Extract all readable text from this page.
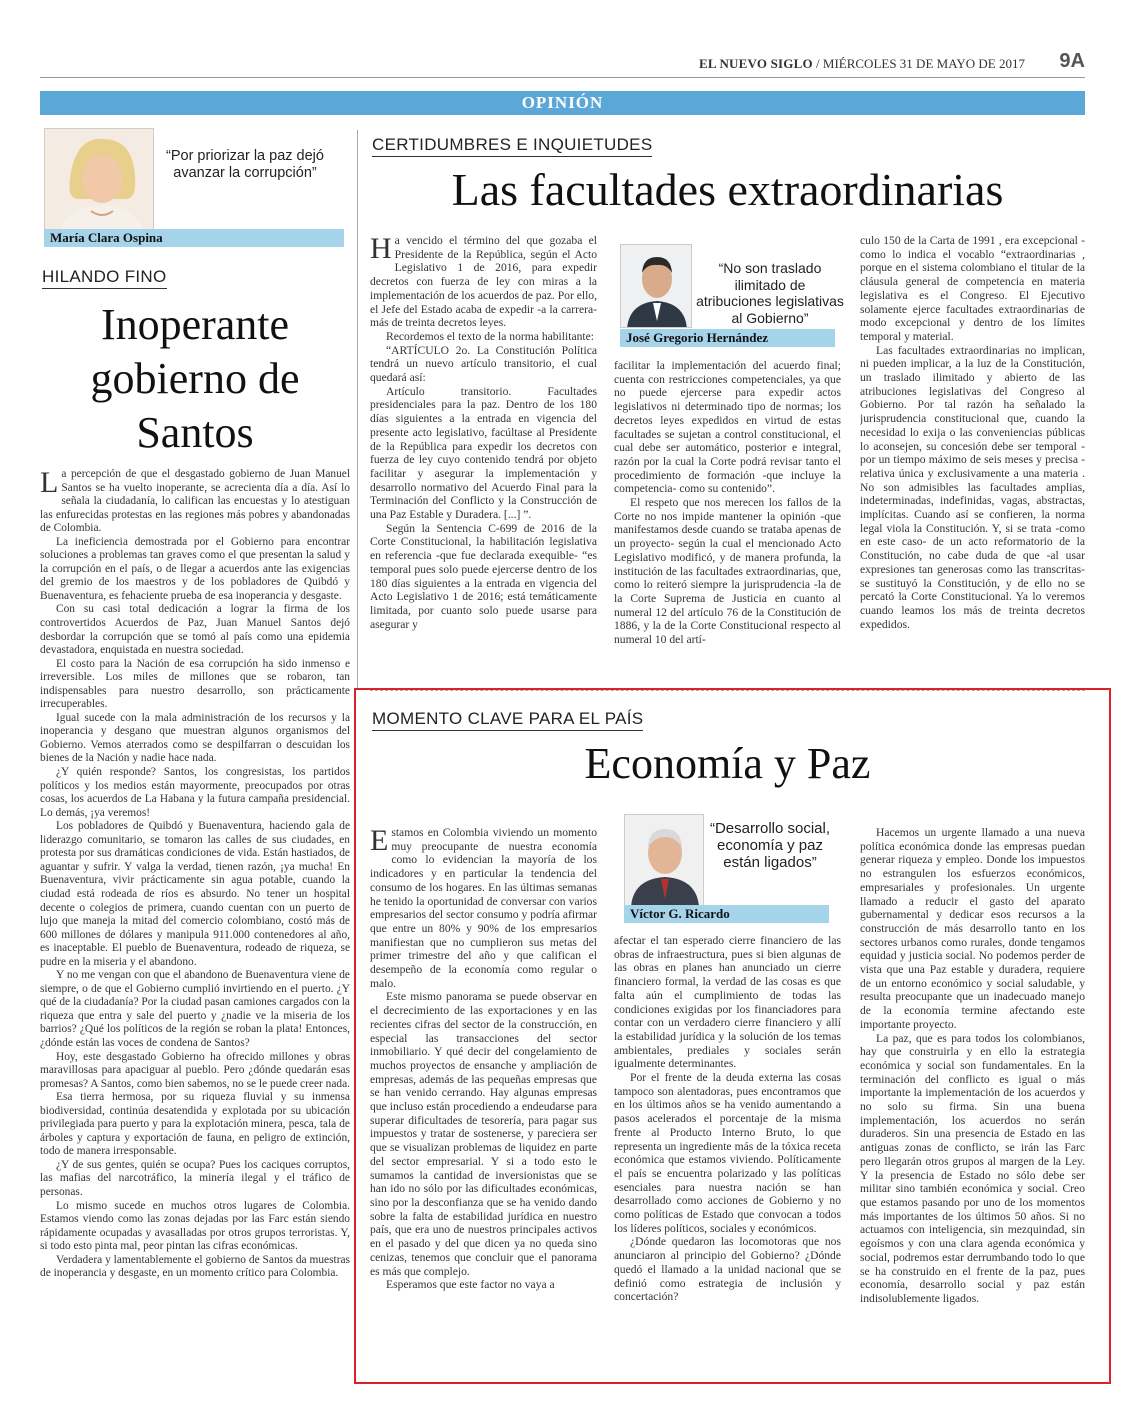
EL NUEVO SIGLO / MIÉRCOLES 31 DE MAYO DE 2017 9A
OPINIÓN
“Por priorizar la paz dejó avanzar la corrupción”
María Clara Ospina
HILANDO FINO
Inoperante
gobierno de
Santos

La percepción de que el desgastado gobierno de Juan Manuel Santos se ha vuelto inoperante, se acrecienta día a día. Así lo señala la ciudadanía, lo califican las encuestas y lo atestiguan las enfurecidas protestas en las regiones más pobres y abandonadas de Colombia.

La ineficiencia demostrada por el Gobierno para encontrar soluciones a problemas tan graves como el que presentan la salud y la corrupción en el país, o de llegar a acuerdos ante las exigencias del gremio de los maestros y de los pobladores de Quibdó y Buenaventura, es fehaciente prueba de esa inoperancia y desgaste.

Con su casi total dedicación a lograr la firma de los controvertidos Acuerdos de Paz, Juan Manuel Santos dejó desbordar la corrupción que se tomó al país como una epidemia devastadora, enquistada en nuestra sociedad.

El costo para la Nación de esa corrupción ha sido inmenso e irreversible. Los miles de millones que se robaron, tan indispensables para nuestro desarrollo, son prácticamente irrecuperables.

Igual sucede con la mala administración de los recursos y la inoperancia y desgano que muestran algunos organismos del Gobierno. Vemos aterrados como se despilfarran o descuidan los bienes de la Nación y nadie hace nada.

¿Y quién responde? Santos, los congresistas, los partidos políticos y los medios están mayormente, preocupados por otras cosas, los acuerdos de La Habana y la futura campaña presidencial. Lo demás, ¡ya veremos!

Los pobladores de Quibdó y Buenaventura, haciendo gala de liderazgo comunitario, se tomaron las calles de sus ciudades, en protesta por sus dramáticas condiciones de vida. Están hastiados, de aguantar y sufrir. Y valga la verdad, tienen razón, ¡ya mucha! En Buenaventura, vivir prácticamente sin agua potable, cuando la ciudad está rodeada de ríos es absurdo. No tener un hospital decente o colegios de primera, cuando cuentan con un puerto de lujo que maneja la mitad del comercio colombiano, costó más de 600 millones de dólares y manipula 911.000 contenedores al año, es inaceptable. El pueblo de Buenaventura, rodeado de riqueza, se pudre en la miseria y el abandono.

Y no me vengan con que el abandono de Buenaventura viene de siempre, o de que el Gobierno cumplió invirtiendo en el puerto. ¿Y qué de la ciudadanía? Por la ciudad pasan camiones cargados con la riqueza que entra y sale del puerto y ¿nadie ve la miseria de los barrios? ¿Qué los políticos de la región se roban la plata! Entonces, ¿dónde están las voces de condena de Santos?

Hoy, este desgastado Gobierno ha ofrecido millones y obras maravillosas para apaciguar al pueblo. Pero ¿dónde quedarán esas promesas? A Santos, como bien sabemos, no se le puede creer nada.

Esa tierra hermosa, por su riqueza fluvial y su inmensa biodiversidad, continúa desatendida y explotada por su ubicación privilegiada para puerto y para la explotación minera, pesca, tala de árboles y captura y exportación de fauna, en peligro de extinción, todo de manera irresponsable.

¿Y de sus gentes, quién se ocupa? Pues los caciques corruptos, las mafias del narcotráfico, la minería ilegal y el tráfico de personas.

Lo mismo sucede en muchos otros lugares de Colombia. Estamos viendo como las zonas dejadas por las Farc están siendo rápidamente ocupadas y avasalladas por otros grupos terroristas. Y, si todo esto pinta mal, peor pintan las cifras económicas.

Verdadera y lamentablemente el gobierno de Santos da muestras de inoperancia y desgaste, en un momento crítico para Colombia.

CERTIDUMBRES E INQUIETUDES
Las facultades extraordinarias

Ha vencido el término del que gozaba el Presidente de la República, según el Acto Legislativo 1 de 2016, para expedir decretos con fuerza de ley con miras a la implementación de los acuerdos de paz. Por ello, el Jefe del Estado acaba de expedir -a la carrera- más de treinta decretos leyes.

Recordemos el texto de la norma habilitante:

“ARTÍCULO 2o. La Constitución Política tendrá un nuevo artículo transitorio, el cual quedará así:

Artículo transitorio. Facultades presidenciales para la paz. Dentro de los 180 días siguientes a la entrada en vigencia del presente acto legislativo, facúltase al Presidente de la República para expedir los decretos con fuerza de ley cuyo contenido tendrá por objeto facilitar y asegurar la implementación y desarrollo normativo del Acuerdo Final para la Terminación del Conflicto y la Construcción de una Paz Estable y Duradera. [...] ”.

Según la Sentencia C-699 de 2016 de la Corte Constitucional, la habilitación legislativa en referencia -que fue declarada exequible- “es temporal pues solo puede ejercerse dentro de los 180 días siguientes a la entrada en vigencia del Acto Legislativo 1 de 2016; está temáticamente limitada, por cuanto solo puede usarse para asegurar y

“No son traslado ilimitado de atribuciones legislativas al Gobierno”
José Gregorio Hernández

facilitar la implementación del acuerdo final; cuenta con restricciones competenciales, ya que no puede ejercerse para expedir actos legislativos ni determinado tipo de normas; los decretos leyes expedidos en virtud de estas facultades se sujetan a control constitucional, el cual debe ser automático, posterior e integral, razón por la cual la Corte podrá revisar tanto el procedimiento de formación -que incluye la competencia- como su contenido”.

El respeto que nos merecen los fallos de la Corte no nos impide mantener la opinión -que manifestamos desde cuando se trataba apenas de un proyecto- según la cual el mencionado Acto Legislativo modificó, y de manera profunda, la institución de las facultades extraordinarias, que, como lo reiteró siempre la jurisprudencia -la de la Corte Suprema de Justicia en cuanto al numeral 12 del artículo 76 de la Constitución de 1886, y la de la Corte Constitucional respecto al numeral 10 del artí-

culo 150 de la Carta de 1991 , era excepcional -como lo indica el vocablo “extraordinarias , porque en el sistema colombiano el titular de la cláusula general de competencia en materia legislativa es el Congreso. El Ejecutivo solamente ejerce facultades extraordinarias de modo excepcional y dentro de los límites temporal y material.

Las facultades extraordinarias no implican, ni pueden implicar, a la luz de la Constitución, un traslado ilimitado y abierto de las atribuciones legislativas del Congreso al Gobierno. Por tal razón ha señalado la jurisprudencia constitucional que, cuando la necesidad lo exija o las conveniencias públicas lo aconsejen, su concesión debe ser temporal -por un tiempo máximo de seis meses y precisa -relativa única y exclusivamente a una materia . No son admisibles las facultades amplias, indeterminadas, indefinidas, vagas, abstractas, implícitas. Cuando así se confieren, la norma legal viola la Constitución. Y, si se trata -como en este caso- de un acto reformatorio de la Constitución, no cabe duda de que -al usar expresiones tan generosas como las transcritas- se sustituyó la Constitución, y de ello no se percató la Corte Constitucional. Ya lo veremos cuando leamos los más de treinta decretos expedidos.

MOMENTO CLAVE PARA EL PAÍS
Economía y Paz

Estamos en Colombia viviendo un momento muy preocupante de nuestra economía como lo evidencian la mayoría de los indicadores y en particular la tendencia del consumo de los hogares. En las últimas semanas he tenido la oportunidad de conversar con varios empresarios del sector consumo y podría afirmar que entre un 80% y 90% de los empresarios manifiestan que no cumplieron sus metas del primer trimestre del año y que califican el desempeño de la economía como regular o malo.

Este mismo panorama se puede observar en el decrecimiento de las exportaciones y en las recientes cifras del sector de la construcción, en especial las transacciones del sector inmobiliario. Y qué decir del congelamiento de muchos proyectos de ensanche y ampliación de empresas, además de las pequeñas empresas que se han venido cerrando. Hay algunas empresas que incluso están procediendo a endeudarse para superar dificultades de tesorería, para pagar sus impuestos y tratar de sostenerse, y pareciera ser que se visualizan problemas de liquidez en parte del sector empresarial. Y si a todo esto le sumamos la cantidad de inversionistas que se han ido no sólo por las dificultades económicas, sino por la desconfianza que se ha venido dando sobre la falta de estabilidad jurídica en nuestro país, que era uno de nuestros principales activos en el pasado y del que dicen ya no queda sino cenizas, tenemos que concluir que el panorama es más que complejo.

Esperamos que este factor no vaya a

“Desarrollo social, economía y paz están ligados”
Víctor G. Ricardo

afectar el tan esperado cierre financiero de las obras de infraestructura, pues si bien algunas de las obras en planes han anunciado un cierre financiero formal, la verdad de las cosas es que falta aún el cumplimiento de todas las condiciones exigidas por los financiadores para contar con un verdadero cierre financiero y allí la estabilidad jurídica y la solución de los temas ambientales, prediales y sociales serán igualmente determinantes.

Por el frente de la deuda externa las cosas tampoco son alentadoras, pues encontramos que en los últimos años se ha venido aumentando a pasos acelerados el porcentaje de la misma frente al Producto Interno Bruto, lo que representa un ingrediente más de la tóxica receta económica que estamos viviendo. Políticamente el país se encuentra polarizado y las políticas esenciales para nuestra nación se han desarrollado como acciones de Gobierno y no como políticas de Estado que convocan a todos los líderes políticos, sociales y económicos.

¿Dónde quedaron las locomotoras que nos anunciaron al principio del Gobierno? ¿Dónde quedó el llamado a la unidad nacional que se definió como estrategia de inclusión y concertación?

Hacemos un urgente llamado a una nueva política económica donde las empresas puedan generar riqueza y empleo. Donde los impuestos no estrangulen los esfuerzos económicos, empresariales y profesionales. Un urgente llamado a reducir el gasto del aparato gubernamental y dedicar esos recursos a la construcción de más desarrollo tanto en los sectores urbanos como rurales, donde tengamos equidad y justicia social. No podemos perder de vista que una Paz estable y duradera, requiere de un entorno económico y social saludable, y resulta preocupante que un inadecuado manejo de la economía termine afectando este importante proyecto.

La paz, que es para todos los colombianos, hay que construirla y en ello la estrategia económica y social son fundamentales. En la terminación del conflicto es igual o más importante la implementación de los acuerdos y no solo su firma. Sin una buena implementación, los acuerdos no serán duraderos. Sin una presencia de Estado en las antiguas zonas de conflicto, se irán las Farc pero llegarán otros grupos al margen de la Ley. Y la presencia de Estado no sólo debe ser militar sino también económica y social. Creo que estamos pasando por uno de los momentos más importantes de los últimos 50 años. Si no actuamos con inteligencia, sin mezquindad, sin egoísmos y con una clara agenda económica y social, podremos estar derrumbando todo lo que se ha construido en el frente de la paz, pues economía, desarrollo social y paz están indisolublemente ligados.
